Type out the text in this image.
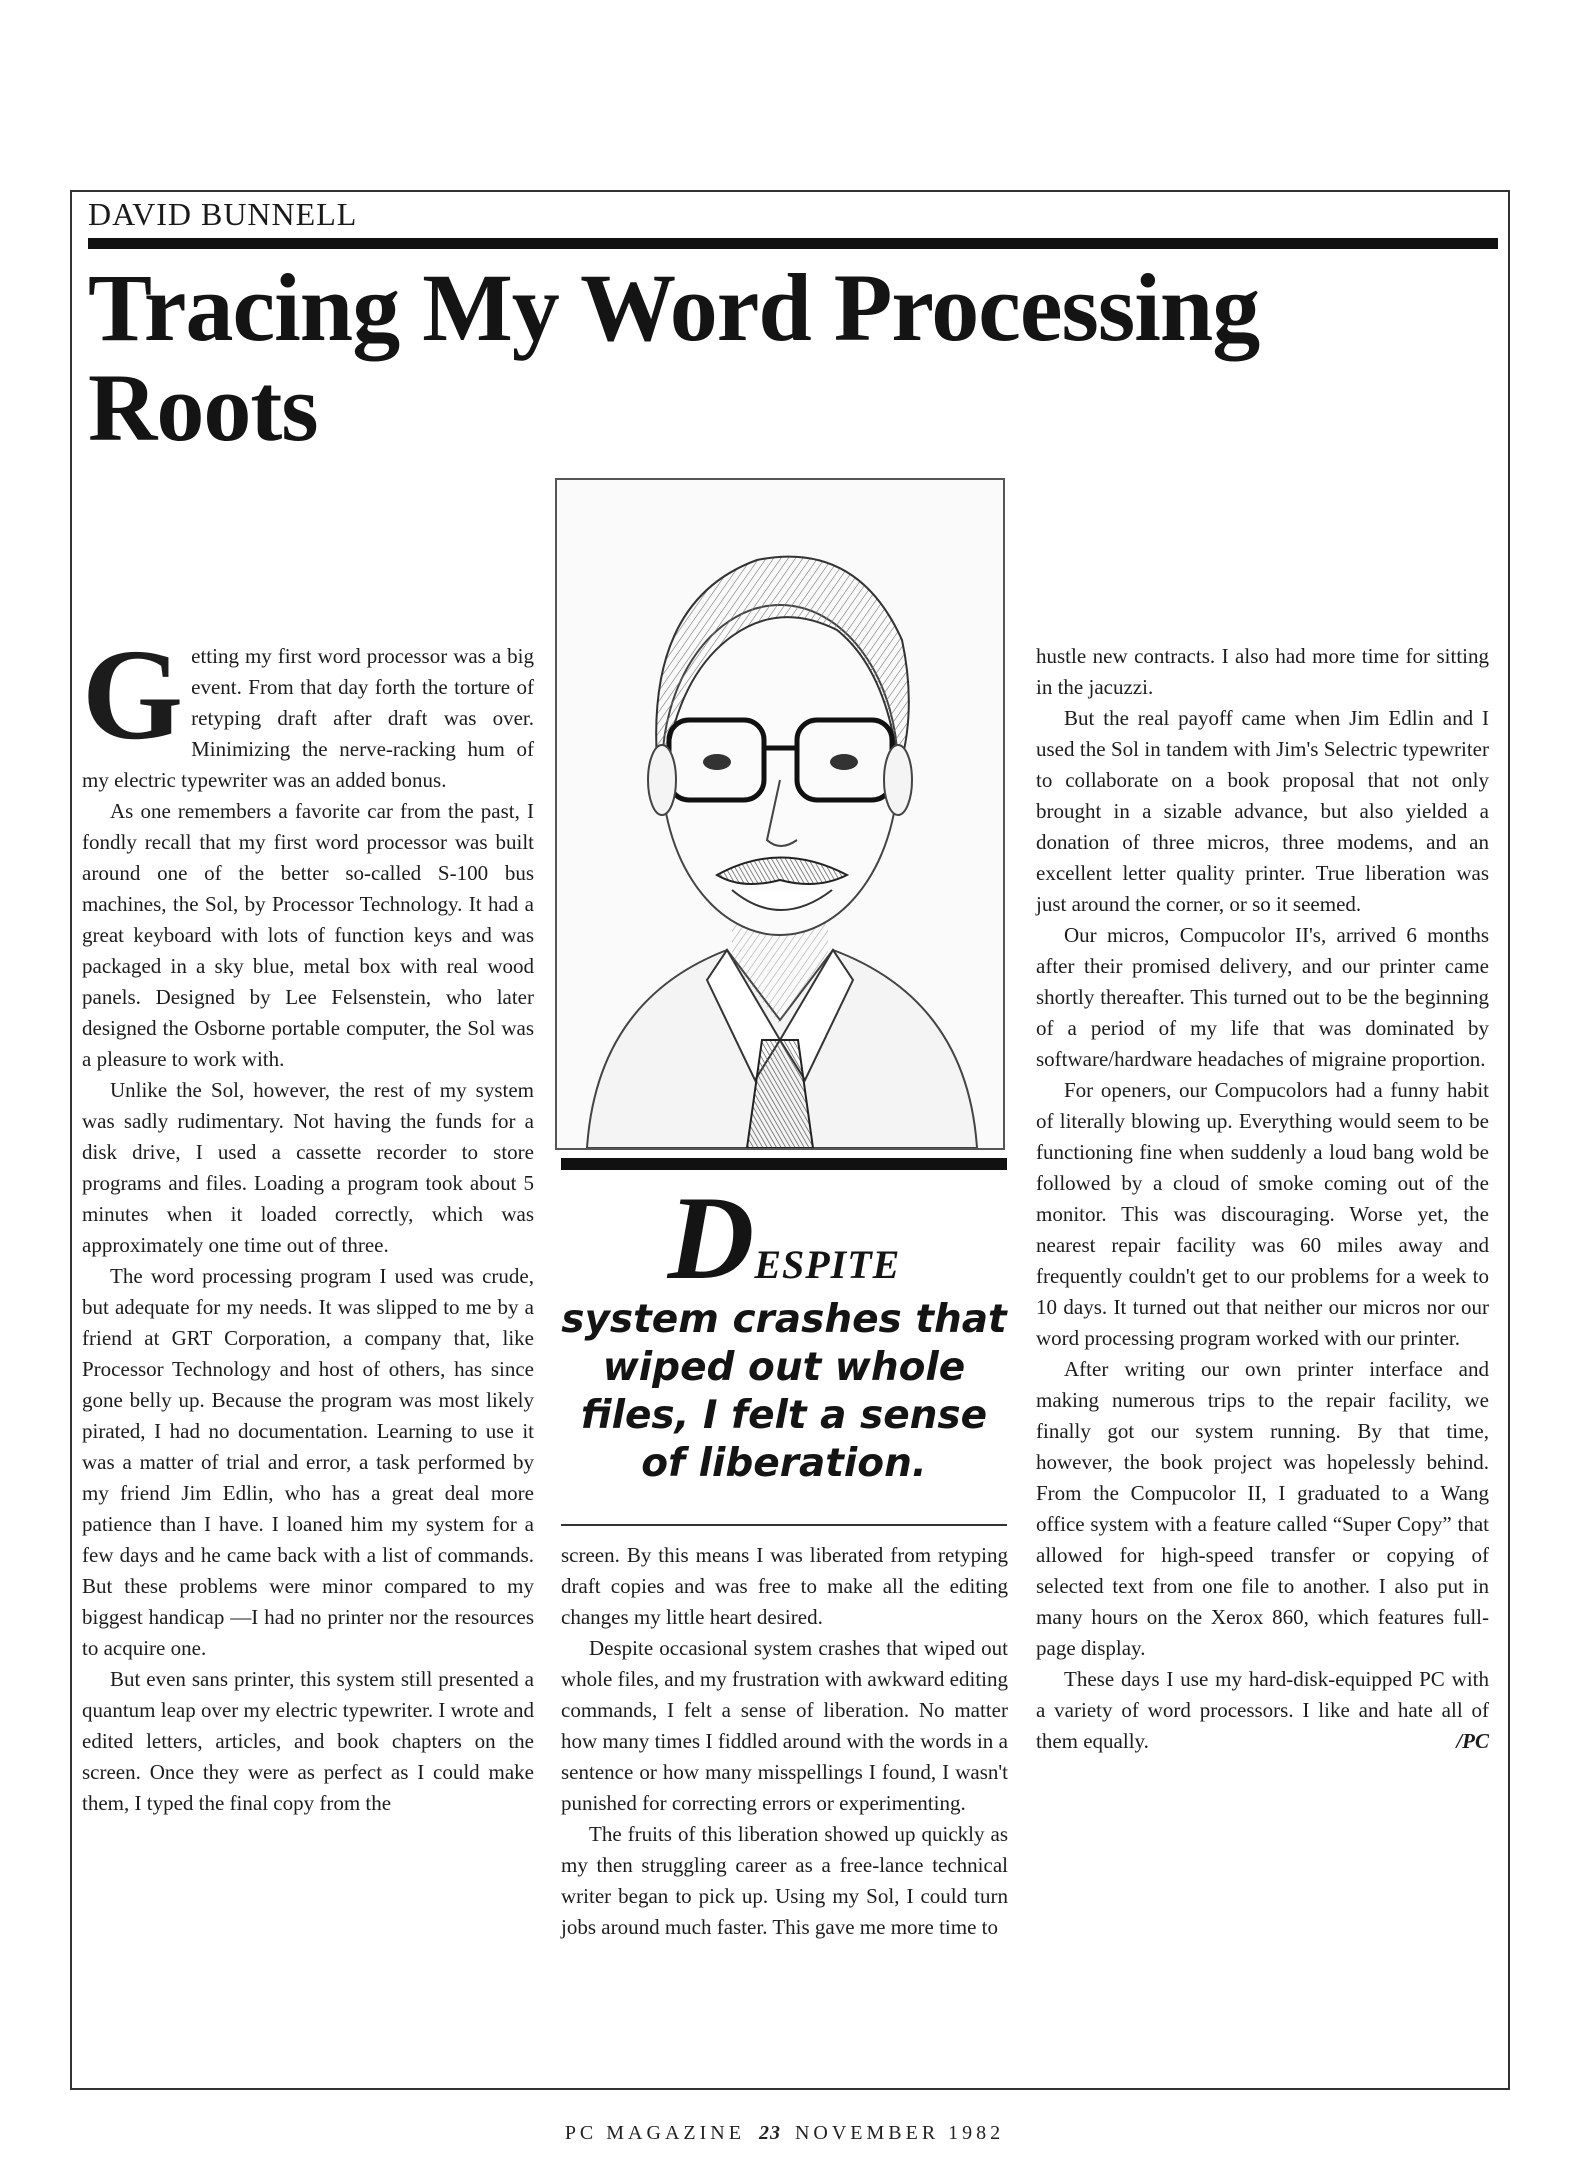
DAVID BUNNELL
Tracing My Word Processing Roots
DESPITE
system crashes that wiped out whole files, I felt a sense of liberation.

Getting my first word processor was a big event. From that day forth the torture of retyping draft after draft was over. Minimizing the nerve-racking hum of my electric typewriter was an added bonus.

As one remembers a favorite car from the past, I fondly recall that my first word processor was built around one of the better so-called S-100 bus machines, the Sol, by Processor Technology. It had a great keyboard with lots of function keys and was packaged in a sky blue, metal box with real wood panels. Designed by Lee Felsenstein, who later designed the Osborne portable computer, the Sol was a pleasure to work with.

Unlike the Sol, however, the rest of my system was sadly rudimentary. Not having the funds for a disk drive, I used a cassette recorder to store programs and files. Loading a program took about 5 minutes when it loaded correctly, which was approximately one time out of three.

The word processing program I used was crude, but adequate for my needs. It was slipped to me by a friend at GRT Corporation, a company that, like Processor Technology and host of others, has since gone belly up. Because the program was most likely pirated, I had no documentation. Learning to use it was a matter of trial and error, a task performed by my friend Jim Edlin, who has a great deal more patience than I have. I loaned him my system for a few days and he came back with a list of commands. But these problems were minor compared to my biggest handicap —I had no printer nor the resources to acquire one.

But even sans printer, this system still presented a quantum leap over my electric typewriter. I wrote and edited letters, articles, and book chapters on the screen. Once they were as perfect as I could make them, I typed the final copy from the

screen. By this means I was liberated from retyping draft copies and was free to make all the editing changes my little heart desired.

Despite occasional system crashes that wiped out whole files, and my frustration with awkward editing commands, I felt a sense of liberation. No matter how many times I fiddled around with the words in a sentence or how many misspellings I found, I wasn't punished for correcting errors or experimenting.

The fruits of this liberation showed up quickly as my then struggling career as a free-lance technical writer began to pick up. Using my Sol, I could turn jobs around much faster. This gave me more time to

hustle new contracts. I also had more time for sitting in the jacuzzi.

But the real payoff came when Jim Edlin and I used the Sol in tandem with Jim's Selectric typewriter to collaborate on a book proposal that not only brought in a sizable advance, but also yielded a donation of three micros, three modems, and an excellent letter quality printer. True liberation was just around the corner, or so it seemed.

Our micros, Compucolor II's, arrived 6 months after their promised delivery, and our printer came shortly thereafter. This turned out to be the beginning of a period of my life that was dominated by software/hardware headaches of migraine proportion.

For openers, our Compucolors had a funny habit of literally blowing up. Everything would seem to be functioning fine when suddenly a loud bang wold be followed by a cloud of smoke coming out of the monitor. This was discouraging. Worse yet, the nearest repair facility was 60 miles away and frequently couldn't get to our problems for a week to 10 days. It turned out that neither our micros nor our word processing program worked with our printer.

After writing our own printer interface and making numerous trips to the repair facility, we finally got our system running. By that time, however, the book project was hopelessly behind. From the Compucolor II, I graduated to a Wang office system with a feature called “Super Copy” that allowed for high-speed transfer or copying of selected text from one file to another. I also put in many hours on the Xerox 860, which features full-page display.

These days I use my hard-disk-equipped PC with a variety of word processors. I like and hate all of them equally.	/PC
PC MAGAZINE 23 NOVEMBER 1982
